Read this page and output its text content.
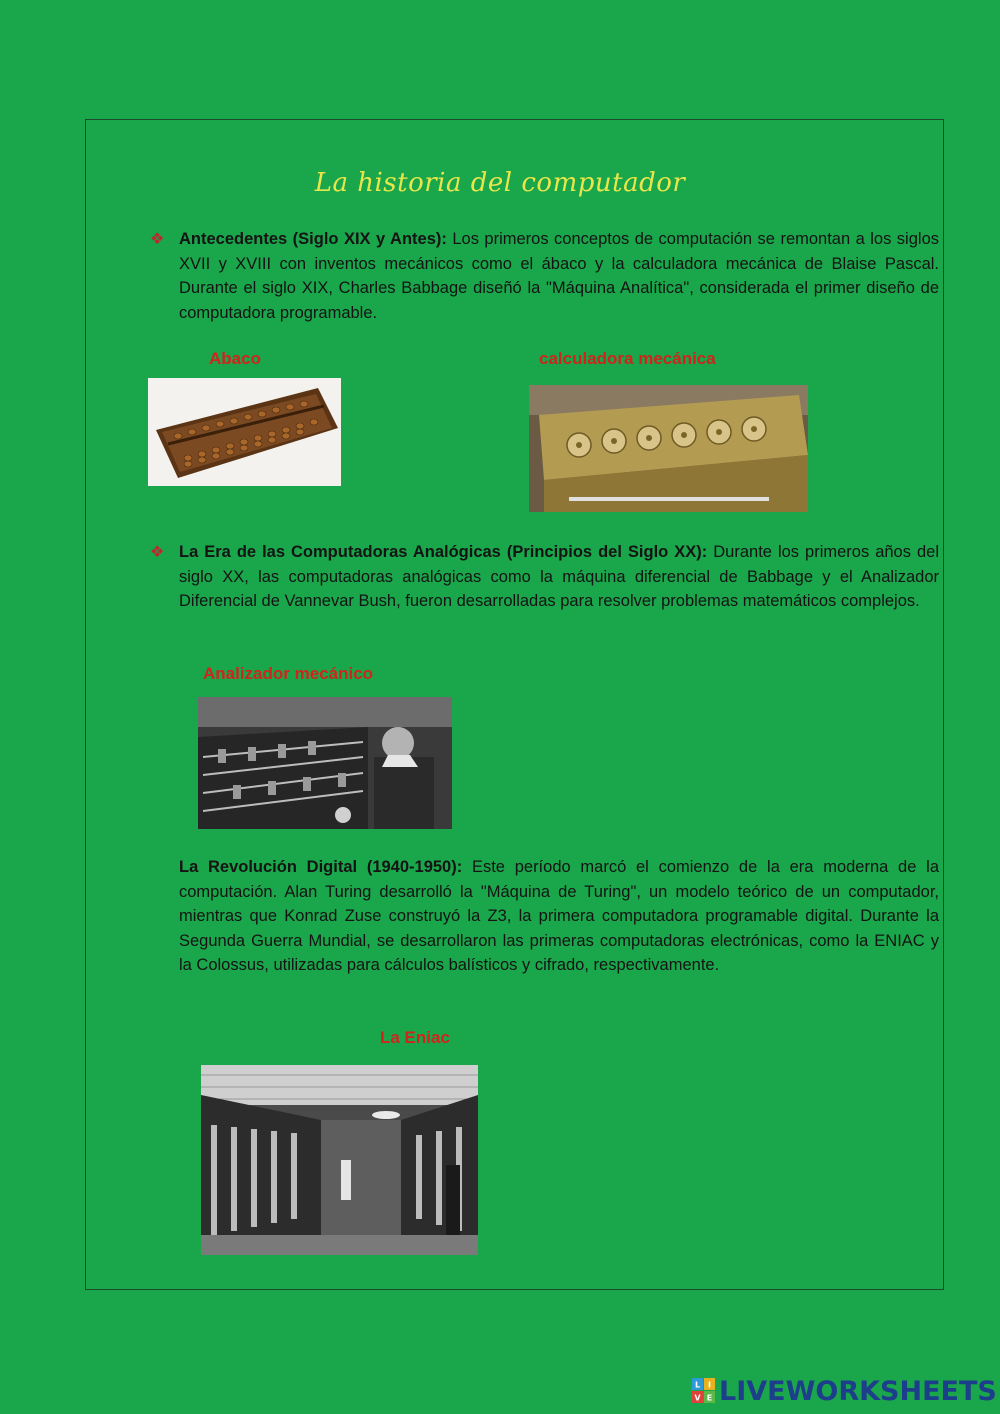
La historia del computador
❖ Antecedentes (Siglo XIX y Antes): Los primeros conceptos de computación se remontan a los siglos XVII y XVIII con inventos mecánicos como el ábaco y la calculadora mecánica de Blaise Pascal. Durante el siglo XIX, Charles Babbage diseñó la "Máquina Analítica", considerada el primer diseño de computadora programable.
Abaco	calculadora mecánica
❖ La Era de las Computadoras Analógicas (Principios del Siglo XX): Durante los primeros años del siglo XX, las computadoras analógicas como la máquina diferencial de Babbage y el Analizador Diferencial de Vannevar Bush, fueron desarrolladas para resolver problemas matemáticos complejos.
Analizador mecánico
La Revolución Digital (1940-1950): Este período marcó el comienzo de la era moderna de la computación. Alan Turing desarrolló la "Máquina de Turing", un modelo teórico de un computador, mientras que Konrad Zuse construyó la Z3, la primera computadora programable digital. Durante la Segunda Guerra Mundial, se desarrollaron las primeras computadoras electrónicas, como la ENIAC y la Colossus, utilizadas para cálculos balísticos y cifrado, respectivamente.
La Eniac
L I
V E LIVEWORKSHEETS
